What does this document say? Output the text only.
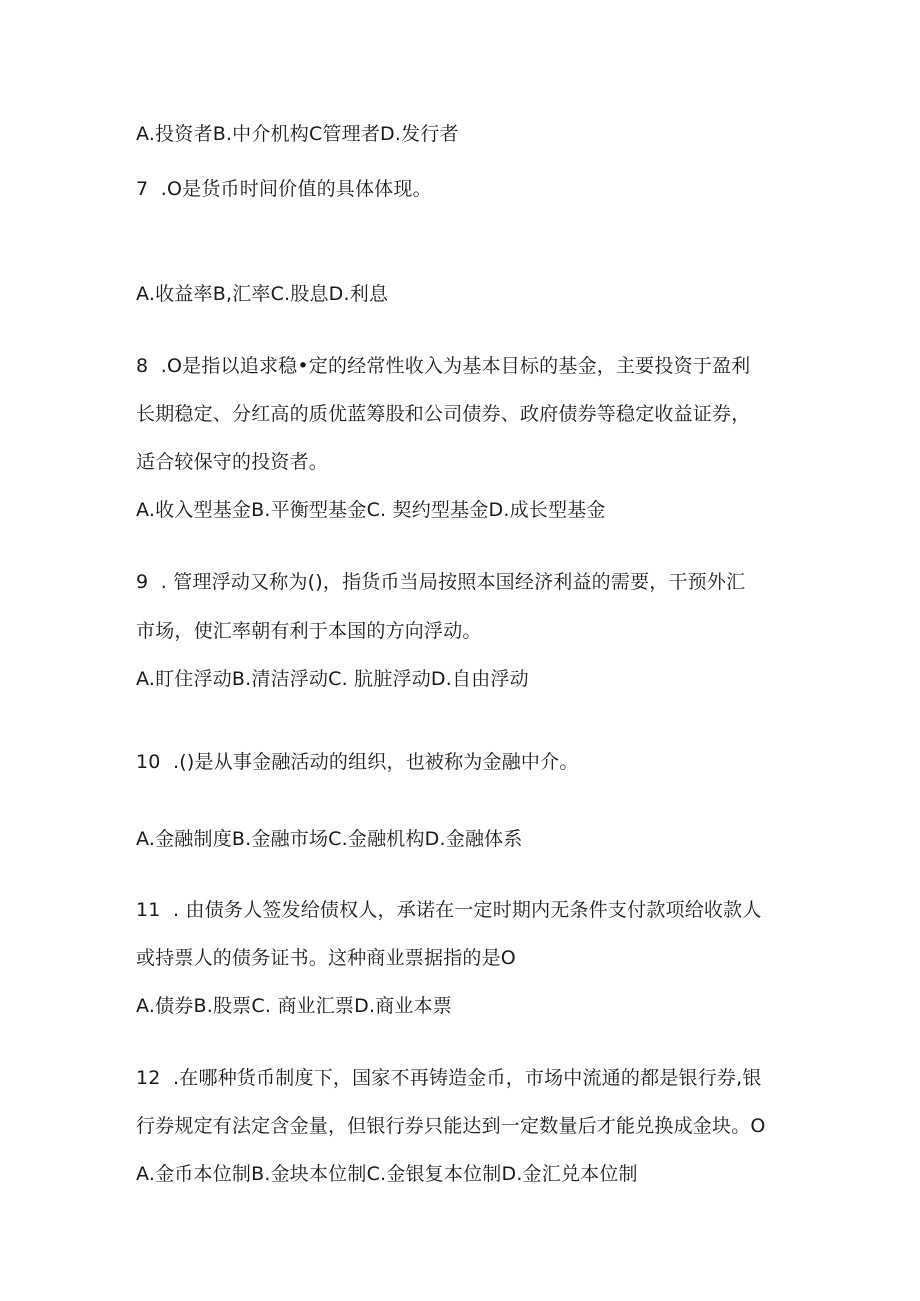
A.投资者B.中介机构C管理者D.发行者
7  .O是货币时间价值的具体体现。
A.收益率B,汇率C.股息D.利息
8  .O是指以追求稳•定的经常性收入为基本目标的基金，主要投资于盈利
长期稳定、分红高的质优蓝筹股和公司债券、政府债券等稳定收益证券，
适合较保守的投资者。
A.收入型基金B.平衡型基金C. 契约型基金D.成长型基金
9  . 管理浮动又称为()，指货币当局按照本国经济利益的需要，干预外汇
市场，使汇率朝有利于本国的方向浮动。
A.盯住浮动B.清洁浮动C. 肮脏浮动D.自由浮动
10  .()是从事金融活动的组织，也被称为金融中介。
A.金融制度B.金融市场C.金融机构D.金融体系
11  . 由债务人签发给债权人，承诺在一定时期内无条件支付款项给收款人
或持票人的债务证书。这种商业票据指的是O
A.债券B.股票C. 商业汇票D.商业本票
12  .在哪种货币制度下，国家不再铸造金币，市场中流通的都是银行券,银
行券规定有法定含金量，但银行券只能达到一定数量后才能兑换成金块。O
A.金币本位制B.金块本位制C.金银复本位制D.金汇兑本位制
